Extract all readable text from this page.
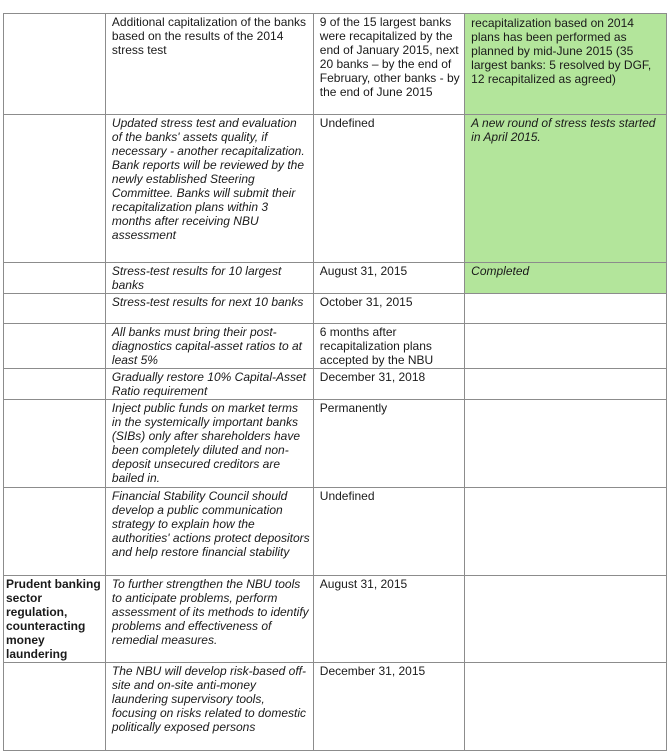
	Additional capitalization of the banks based on the results of the 2014 stress test	9 of the 15 largest banks were recapitalized by the end of January 2015, next 20 banks – by the end of February, other banks - by the end of June 2015	recapitalization based on 2014 plans has been performed as planned by mid-June 2015 (35 largest banks: 5 resolved by DGF, 12 recapitalized as agreed)
	Updated stress test and evaluation of the banks' assets quality, if necessary - another recapitalization. Bank reports will be reviewed by the newly established Steering Committee. Banks will submit their recapitalization plans within 3 months after receiving NBU assessment	Undefined	A new round of stress tests started in April 2015.
	Stress-test results for 10 largest banks	August 31, 2015	Completed
	Stress-test results for next 10 banks	October 31, 2015	
	All banks must bring their post-diagnostics capital-asset ratios to at least 5%	6 months after recapitalization plans accepted by the NBU	
	Gradually restore 10% Capital-Asset Ratio requirement	December 31, 2018	
	Inject public funds on market terms in the systemically important banks (SIBs) only after shareholders have been completely diluted and non-deposit unsecured creditors are bailed in.	Permanently	
	Financial Stability Council should develop a public communication strategy to explain how the authorities' actions protect depositors and help restore financial stability	Undefined	
Prudent banking sector regulation, counteracting money laundering	To further strengthen the NBU tools to anticipate problems, perform assessment of its methods to identify problems and effectiveness of remedial measures.	August 31, 2015	
	The NBU will develop risk-based off-site and on-site anti-money laundering supervisory tools, focusing on risks related to domestic politically exposed persons	December 31, 2015	
